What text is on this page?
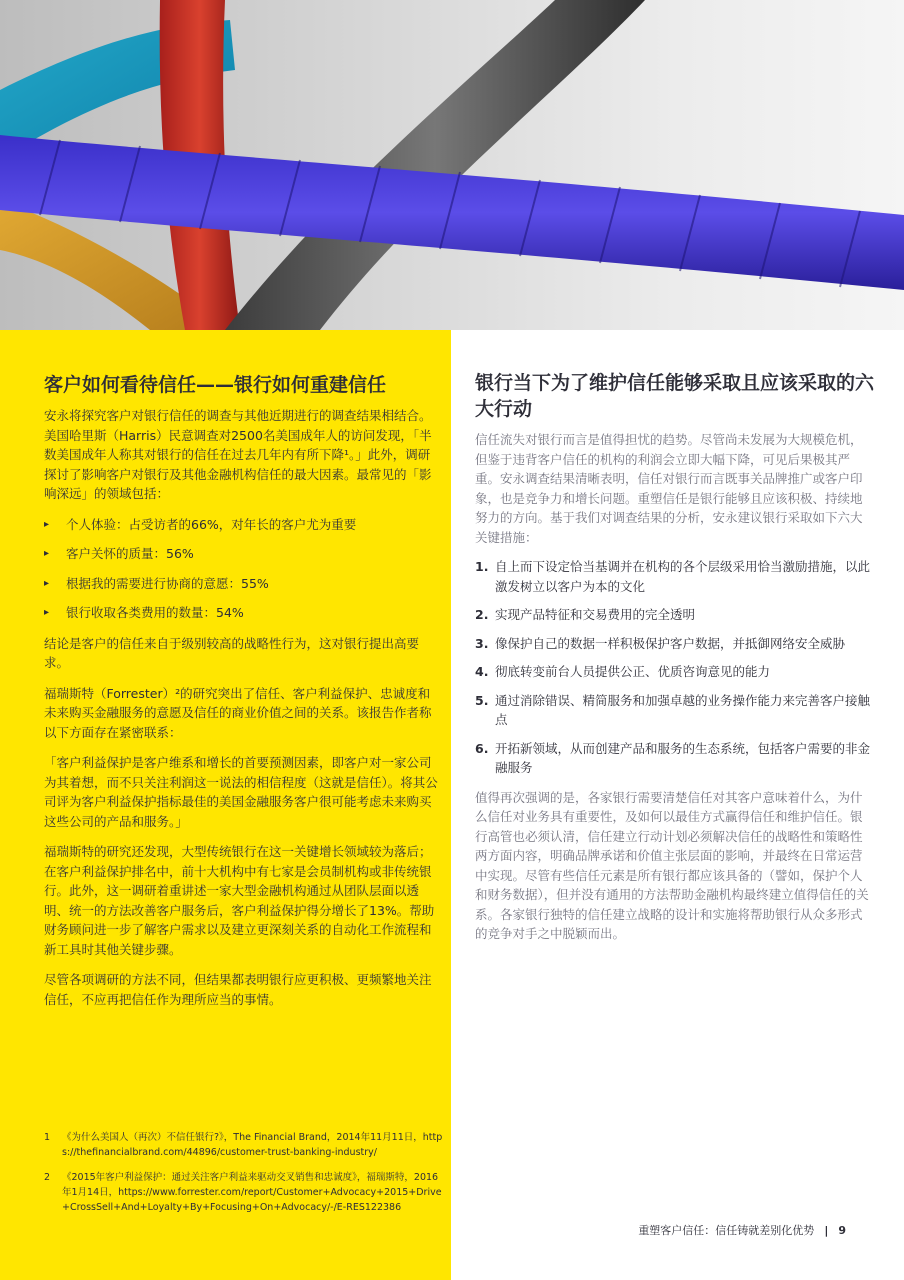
客户如何看待信任——银行如何重建信任

安永将探究客户对银行信任的调查与其他近期进行的调查结果相结合。美国哈里斯（Harris）民意调查对2500名美国成年人的访问发现，「半数美国成年人称其对银行的信任在过去几年内有所下降¹。」此外，调研探讨了影响客户对银行及其他金融机构信任的最大因素。最常见的「影响深远」的领域包括：

▸ 个人体验：占受访者的66%，对年长的客户尤为重要
▸ 客户关怀的质量：56%
▸ 根据我的需要进行协商的意愿：55%
▸ 银行收取各类费用的数量：54%

结论是客户的信任来自于级别较高的战略性行为，这对银行提出高要求。

福瑞斯特（Forrester）²的研究突出了信任、客户利益保护、忠诚度和未来购买金融服务的意愿及信任的商业价值之间的关系。该报告作者称以下方面存在紧密联系：

「客户利益保护是客户维系和增长的首要预测因素，即客户对一家公司为其着想，而不只关注利润这一说法的相信程度（这就是信任）。将其公司评为客户利益保护指标最佳的美国金融服务客户很可能考虑未来购买这些公司的产品和服务。」

福瑞斯特的研究还发现，大型传统银行在这一关键增长领域较为落后；在客户利益保护排名中，前十大机构中有七家是会员制机构或非传统银行。此外，这一调研着重讲述一家大型金融机构通过从团队层面以透明、统一的方法改善客户服务后，客户利益保护得分增长了13%。帮助财务顾问进一步了解客户需求以及建立更深刻关系的自动化工作流程和新工具时其他关键步骤。

尽管各项调研的方法不同，但结果都表明银行应更积极、更频繁地关注信任，不应再把信任作为理所应当的事情。

1 《为什么美国人（再次）不信任银行?》，The Financial Brand，2014年11月11日，https://thefinancialbrand.com/44896/customer-trust-banking-industry/
2 《2015年客户利益保护：通过关注客户利益来驱动交叉销售和忠诚度》，福瑞斯特，2016年1月14日，https://www.forrester.com/report/Customer+Advocacy+2015+Drive+CrossSell+And+Loyalty+By+Focusing+On+Advocacy/-/E-RES122386
银行当下为了维护信任能够采取且应该采取的六大行动

信任流失对银行而言是值得担忧的趋势。尽管尚未发展为大规模危机，但鉴于违背客户信任的机构的利润会立即大幅下降，可见后果极其严重。安永调查结果清晰表明，信任对银行而言既事关品牌推广或客户印象，也是竞争力和增长问题。重塑信任是银行能够且应该积极、持续地努力的方向。基于我们对调查结果的分析，安永建议银行采取如下六大关键措施：

1. 自上而下设定恰当基调并在机构的各个层级采用恰当激励措施，以此激发树立以客户为本的文化
2. 实现产品特征和交易费用的完全透明
3. 像保护自己的数据一样积极保护客户数据，并抵御网络安全威胁
4. 彻底转变前台人员提供公正、优质咨询意见的能力
5. 通过消除错误、精简服务和加强卓越的业务操作能力来完善客户接触点
6. 开拓新领域，从而创建产品和服务的生态系统，包括客户需要的非金融服务

值得再次强调的是，各家银行需要清楚信任对其客户意味着什么，为什么信任对业务具有重要性，及如何以最佳方式赢得信任和维护信任。银行高管也必须认清，信任建立行动计划必须解决信任的战略性和策略性两方面内容，明确品牌承诺和价值主张层面的影响，并最终在日常运营中实现。尽管有些信任元素是所有银行都应该具备的（譬如，保护个人和财务数据），但并没有通用的方法帮助金融机构最终建立值得信任的关系。各家银行独特的信任建立战略的设计和实施将帮助银行从众多形式的竞争对手之中脱颖而出。

重塑客户信任：信任铸就差别化优势 | 9
